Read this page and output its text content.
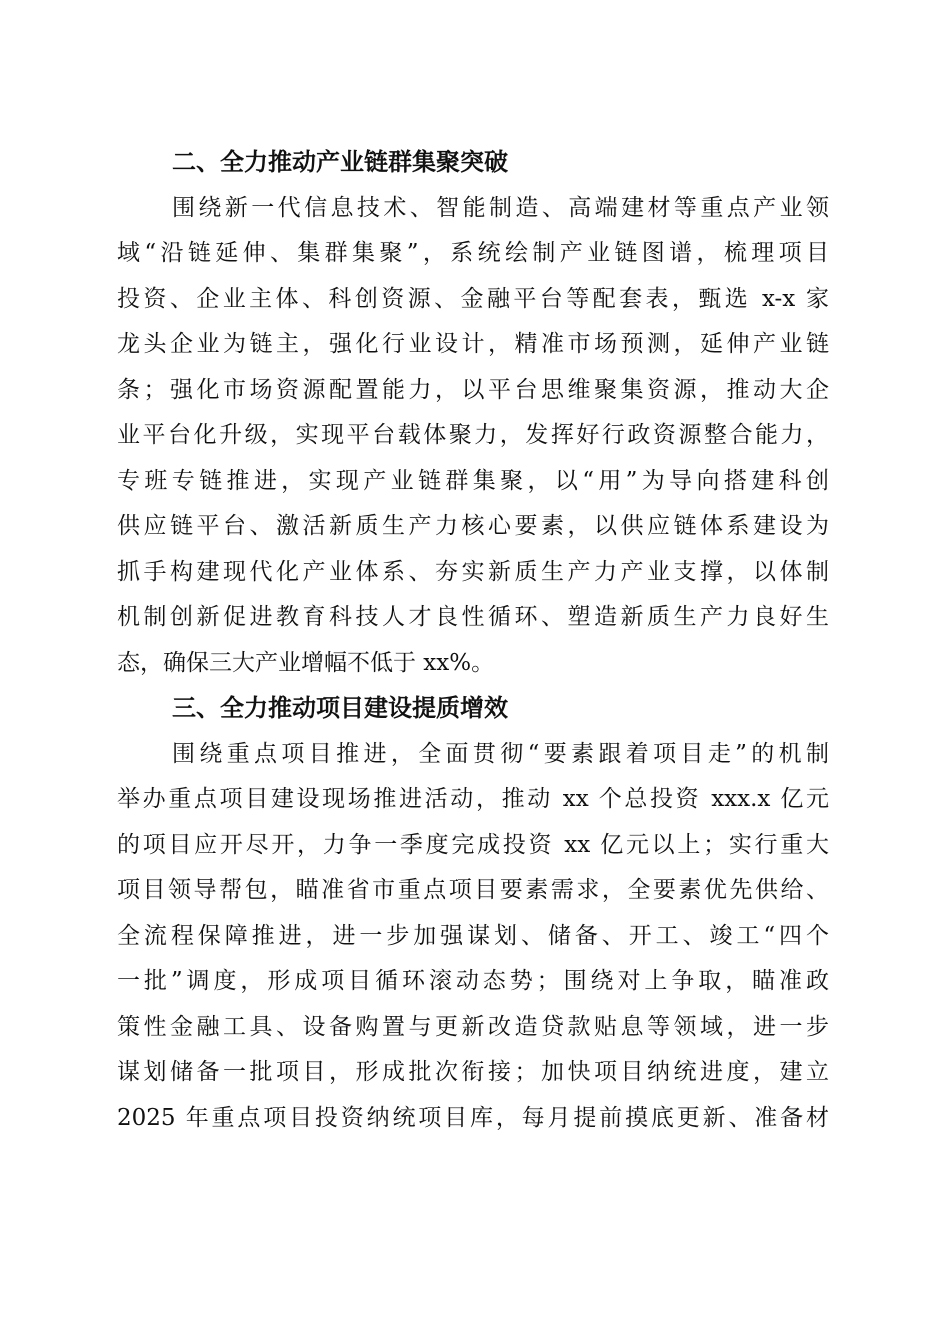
二、全力推动产业链群集聚突破
围绕新一代信息技术、智能制造、高端建材等重点产业领
域“沿链延伸、集群集聚”，系统绘制产业链图谱，梳理项目
投资、企业主体、科创资源、金融平台等配套表，甄选 x-x 家
龙头企业为链主，强化行业设计，精准市场预测，延伸产业链
条；强化市场资源配置能力，以平台思维聚集资源，推动大企
业平台化升级，实现平台载体聚力，发挥好行政资源整合能力，
专班专链推进，实现产业链群集聚，以“用”为导向搭建科创
供应链平台、激活新质生产力核心要素，以供应链体系建设为
抓手构建现代化产业体系、夯实新质生产力产业支撑，以体制
机制创新促进教育科技人才良性循环、塑造新质生产力良好生
态，确保三大产业增幅不低于 xx%。
三、全力推动项目建设提质增效
围绕重点项目推进，全面贯彻“要素跟着项目走”的机制
举办重点项目建设现场推进活动，推动 xx 个总投资 xxx.x 亿元
的项目应开尽开，力争一季度完成投资 xx 亿元以上；实行重大
项目领导帮包，瞄准省市重点项目要素需求，全要素优先供给、
全流程保障推进，进一步加强谋划、储备、开工、竣工“四个
一批”调度，形成项目循环滚动态势；围绕对上争取，瞄准政
策性金融工具、设备购置与更新改造贷款贴息等领域，进一步
谋划储备一批项目，形成批次衔接；加快项目纳统进度，建立
2025 年重点项目投资纳统项目库，每月提前摸底更新、准备材
